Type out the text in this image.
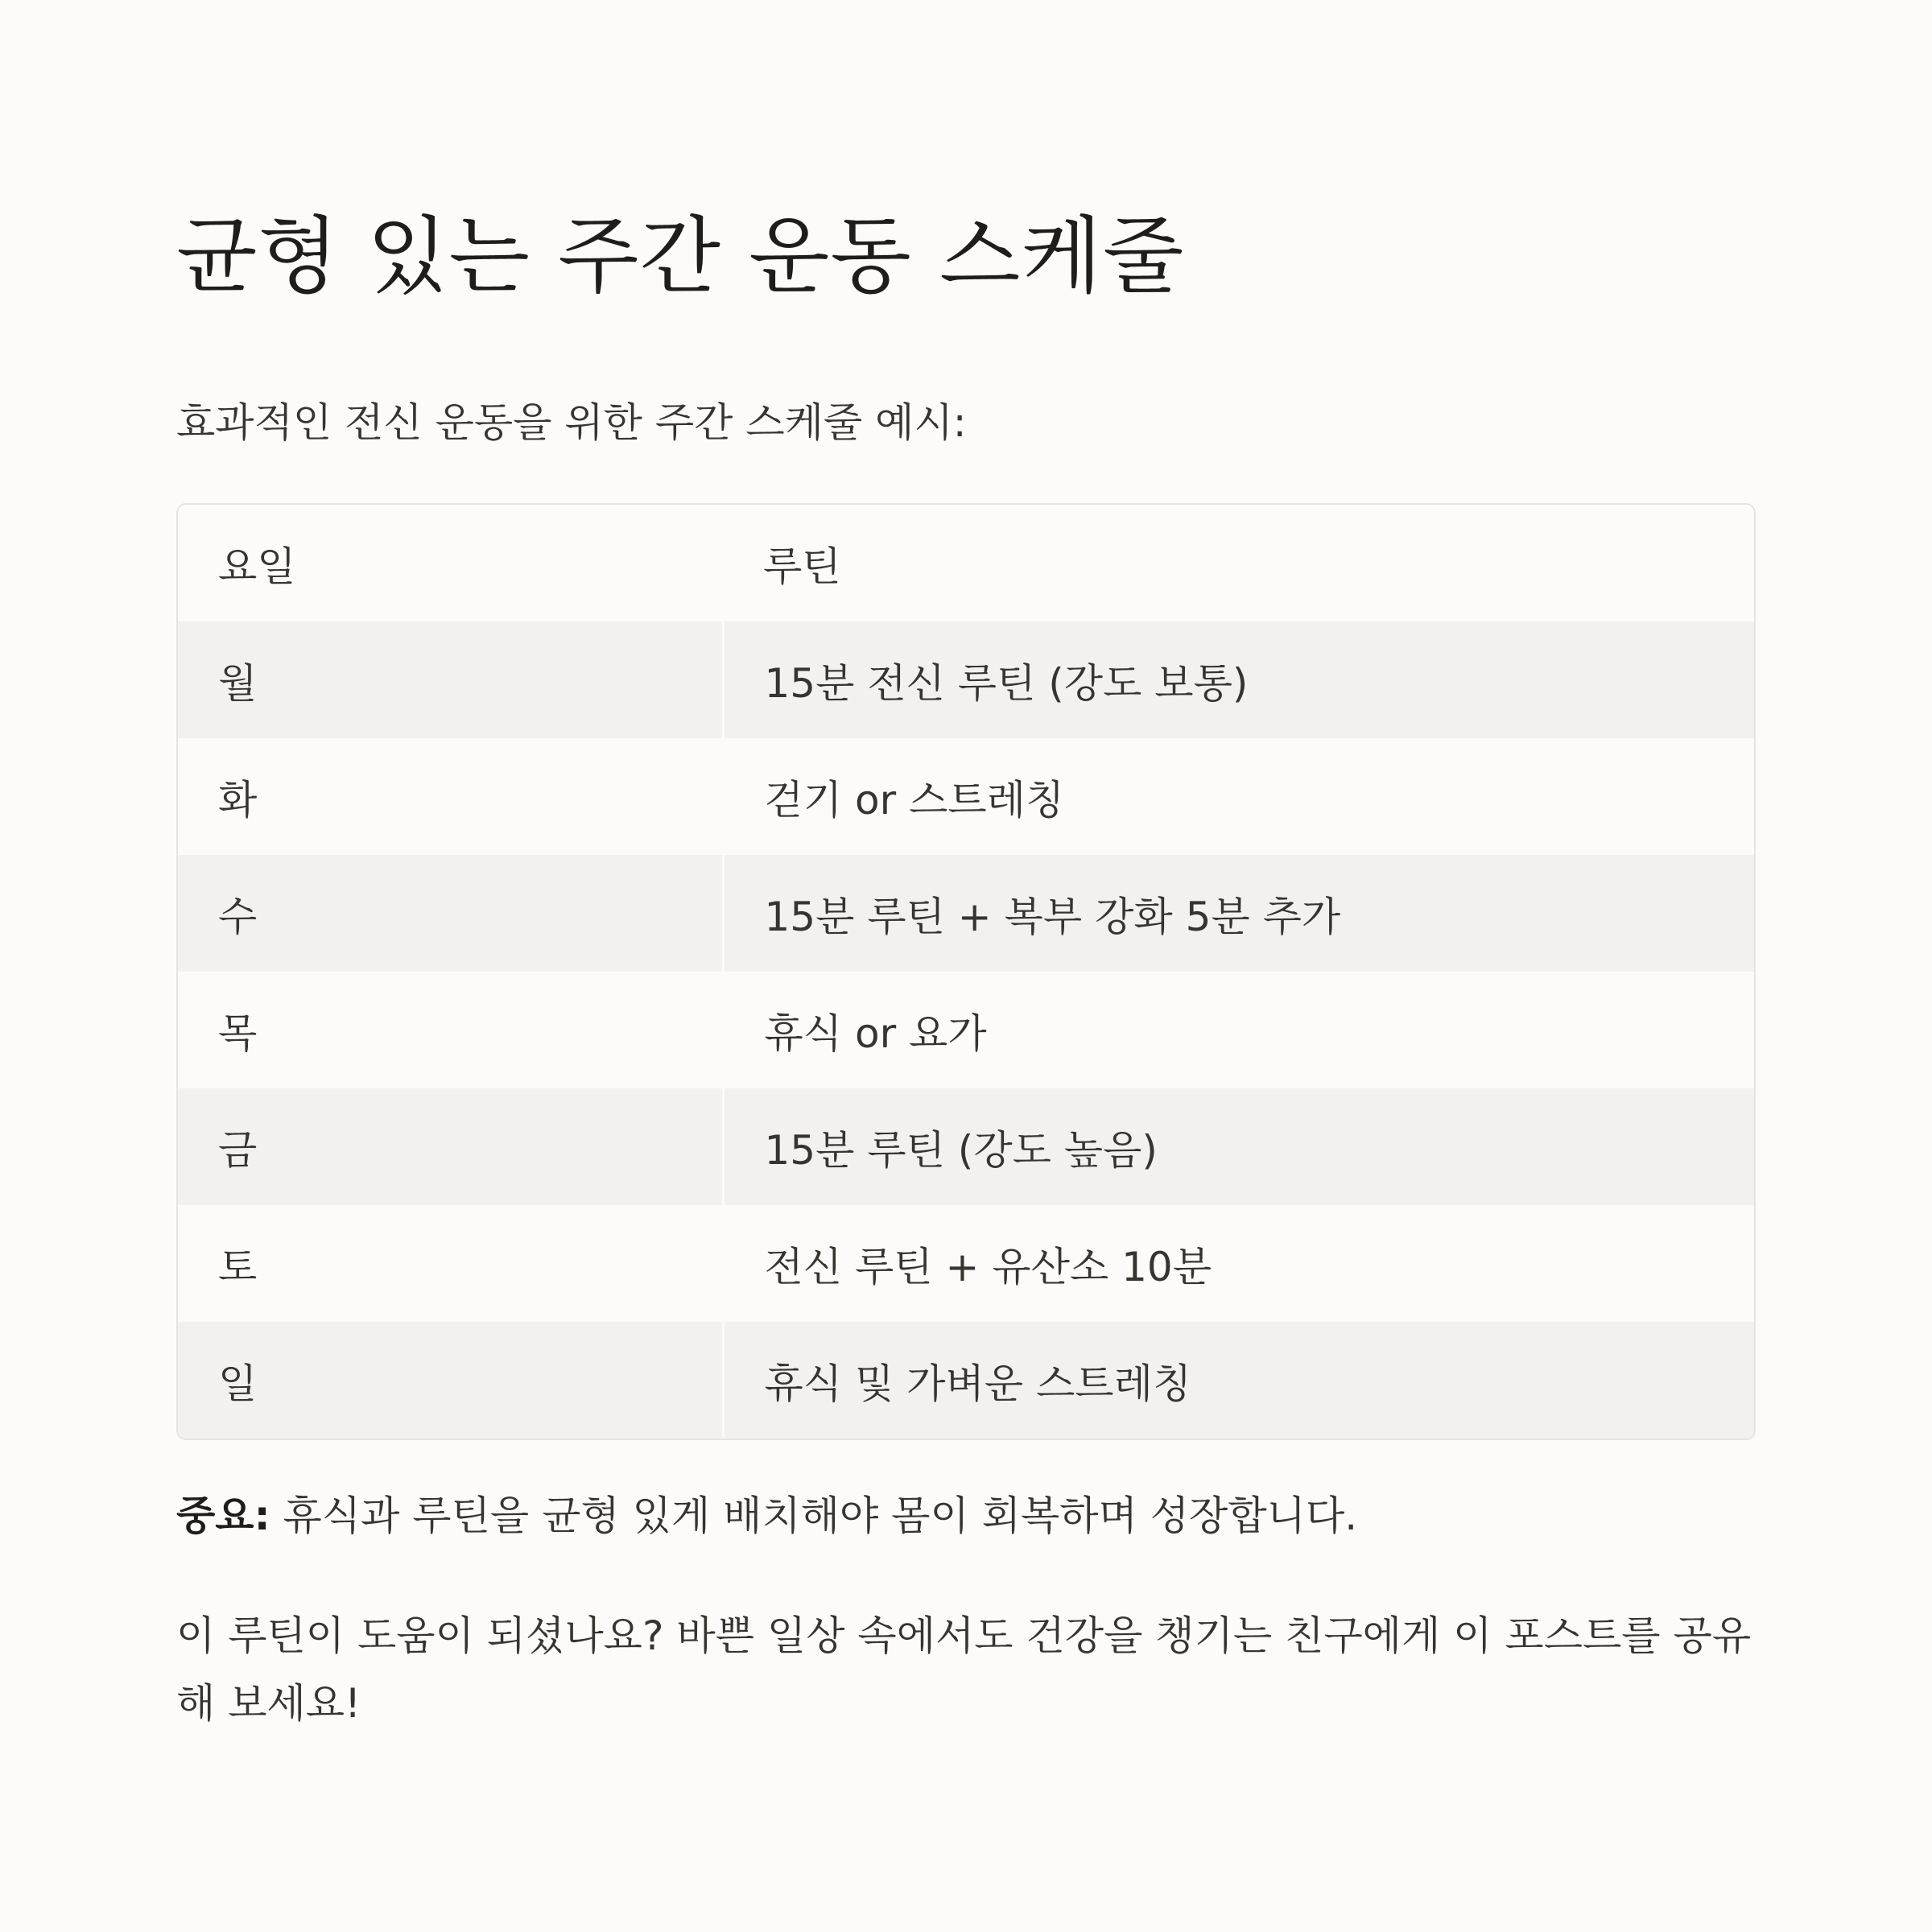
균형 있는 주간 운동 스케줄

효과적인 전신 운동을 위한 주간 스케줄 예시:

요일	루틴
월	15분 전신 루틴 (강도 보통)
화	걷기 or 스트레칭
수	15분 루틴 + 복부 강화 5분 추가
목	휴식 or 요가
금	15분 루틴 (강도 높음)
토	전신 루틴 + 유산소 10분
일	휴식 및 가벼운 스트레칭

중요: 휴식과 루틴을 균형 있게 배치해야 몸이 회복하며 성장합니다.

이 루틴이 도움이 되셨나요? 바쁜 일상 속에서도 건강을 챙기는 친구에게 이 포스트를 공유해 보세요!
